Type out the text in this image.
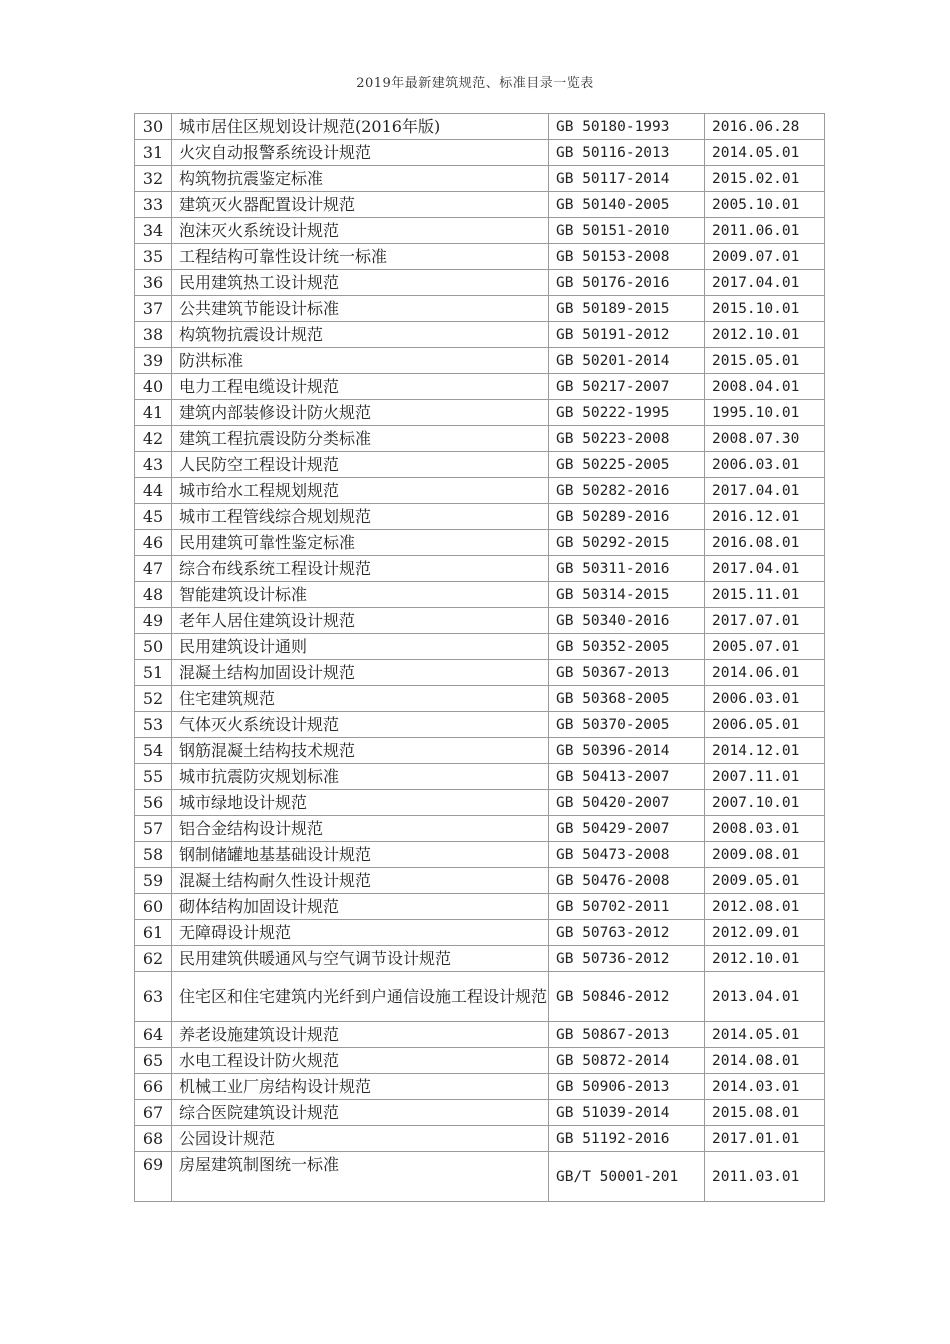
2019年最新建筑规范、标准目录一览表
30	城市居住区规划设计规范(2016年版)	GB 50180-1993	2016.06.28
31	火灾自动报警系统设计规范	GB 50116-2013	2014.05.01
32	构筑物抗震鉴定标准	GB 50117-2014	2015.02.01
33	建筑灭火器配置设计规范	GB 50140-2005	2005.10.01
34	泡沫灭火系统设计规范	GB 50151-2010	2011.06.01
35	工程结构可靠性设计统一标准	GB 50153-2008	2009.07.01
36	民用建筑热工设计规范	GB 50176-2016	2017.04.01
37	公共建筑节能设计标准	GB 50189-2015	2015.10.01
38	构筑物抗震设计规范	GB 50191-2012	2012.10.01
39	防洪标准	GB 50201-2014	2015.05.01
40	电力工程电缆设计规范	GB 50217-2007	2008.04.01
41	建筑内部装修设计防火规范	GB 50222-1995	1995.10.01
42	建筑工程抗震设防分类标准	GB 50223-2008	2008.07.30
43	人民防空工程设计规范	GB 50225-2005	2006.03.01
44	城市给水工程规划规范	GB 50282-2016	2017.04.01
45	城市工程管线综合规划规范	GB 50289-2016	2016.12.01
46	民用建筑可靠性鉴定标准	GB 50292-2015	2016.08.01
47	综合布线系统工程设计规范	GB 50311-2016	2017.04.01
48	智能建筑设计标准	GB 50314-2015	2015.11.01
49	老年人居住建筑设计规范	GB 50340-2016	2017.07.01
50	民用建筑设计通则	GB 50352-2005	2005.07.01
51	混凝土结构加固设计规范	GB 50367-2013	2014.06.01
52	住宅建筑规范	GB 50368-2005	2006.03.01
53	气体灭火系统设计规范	GB 50370-2005	2006.05.01
54	钢筋混凝土结构技术规范	GB 50396-2014	2014.12.01
55	城市抗震防灾规划标准	GB 50413-2007	2007.11.01
56	城市绿地设计规范	GB 50420-2007	2007.10.01
57	铝合金结构设计规范	GB 50429-2007	2008.03.01
58	钢制储罐地基基础设计规范	GB 50473-2008	2009.08.01
59	混凝土结构耐久性设计规范	GB 50476-2008	2009.05.01
60	砌体结构加固设计规范	GB 50702-2011	2012.08.01
61	无障碍设计规范	GB 50763-2012	2012.09.01
62	民用建筑供暖通风与空气调节设计规范	GB 50736-2012	2012.10.01
63	住宅区和住宅建筑内光纤到户通信设施工程设计规范	GB 50846-2012	2013.04.01
64	养老设施建筑设计规范	GB 50867-2013	2014.05.01
65	水电工程设计防火规范	GB 50872-2014	2014.08.01
66	机械工业厂房结构设计规范	GB 50906-2013	2014.03.01
67	综合医院建筑设计规范	GB 51039-2014	2015.08.01
68	公园设计规范	GB 51192-2016	2017.01.01
69	房屋建筑制图统一标准	GB/T 50001-201	2011.03.01
